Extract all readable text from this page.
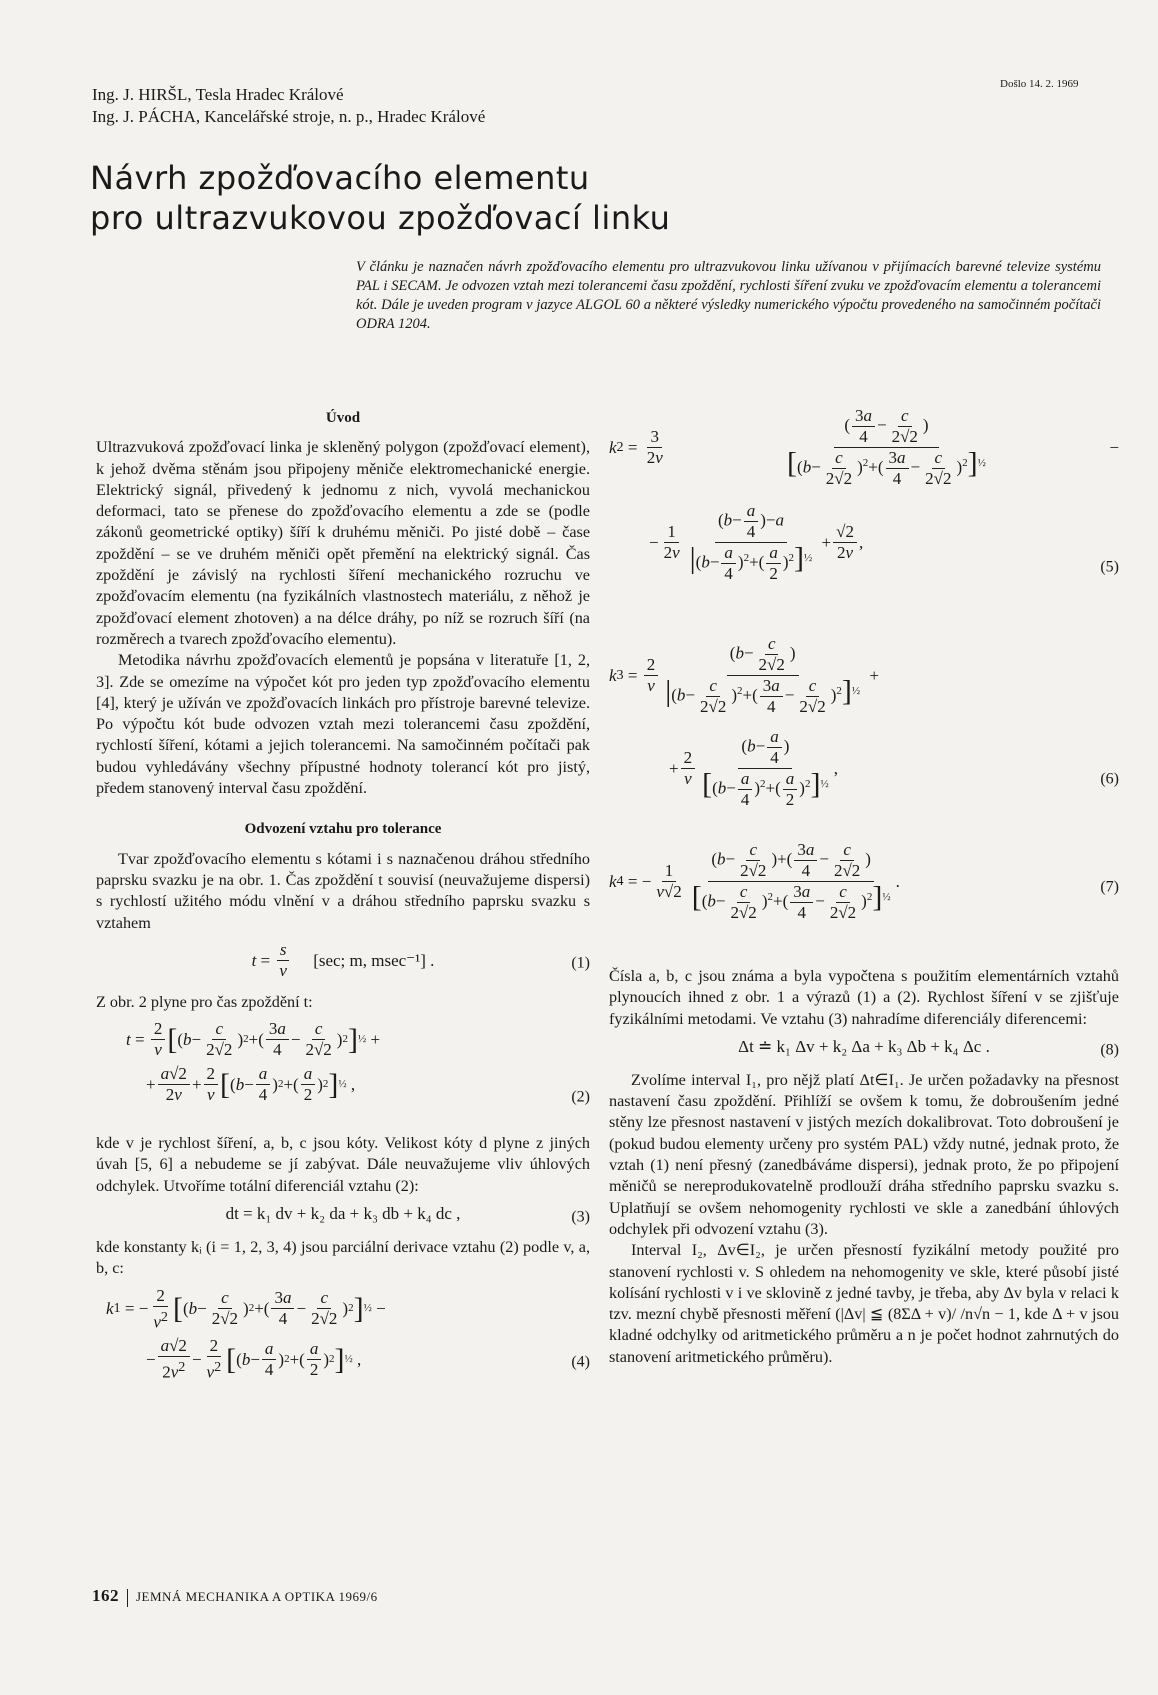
Ing. J. HIRŠL, Tesla Hradec Králové
Ing. J. PÁCHA, Kancelářské stroje, n. p., Hradec Králové
Došlo 14. 2. 1969
Návrh zpožďovacího elementu
pro ultrazvukovou zpožďovací linku

V článku je naznačen návrh zpožďovacího elementu pro ultrazvukovou linku užívanou v přijímacích barevné televize systému PAL i SECAM. Je odvozen vztah mezi tolerancemi času zpoždění, rychlosti šíření zvuku ve zpožďovacím elementu a tolerancemi kót. Dále je uveden program v jazyce ALGOL 60 a některé výsledky numerického výpočtu provedeného na samočinném počítači ODRA 1204.

Úvod

Ultrazvuková zpožďovací linka je skleněný polygon (zpožďovací element), k jehož dvěma stěnám jsou připojeny měniče elektromechanické energie. Elektrický signál, přivedený k jednomu z nich, vyvolá mechanickou deformaci, tato se přenese do zpožďovacího elementu a zde se (podle zákonů geometrické optiky) šíří k druhému měniči. Po jisté době – čase zpoždění – se ve druhém měniči opět přemění na elektrický signál. Čas zpoždění je závislý na rychlosti šíření mechanického rozruchu ve zpožďovacím elementu (na fyzikálních vlastnostech materiálu, z něhož je zpožďovací element zhotoven) a na délce dráhy, po níž se rozruch šíří (na rozměrech a tvarech zpožďovacího elementu).

Metodika návrhu zpožďovacích elementů je popsána v literatuře [1, 2, 3]. Zde se omezíme na výpočet kót pro jeden typ zpožďovacího elementu [4], který je užíván ve zpožďovacích linkách pro přístroje barevné televize. Po výpočtu kót bude odvozen vztah mezi tolerancemi času zpoždění, rychlostí šíření, kótami a jejich tolerancemi. Na samočinném počítači pak budou vyhledávány všechny přípustné hodnoty tolerancí kót pro jistý, předem stanovený interval času zpoždění.

Odvození vztahu pro tolerance

Tvar zpožďovacího elementu s kótami i s naznačenou dráhou středního paprsku svazku je na obr. 1. Čas zpoždění t souvisí (neuvažujeme dispersi) s rychlostí užitého módu vlnění v a dráhou středního paprsku svazku s vztahem

$t = \frac{s}{v}$
[sec; m, msec⁻¹] .	(1)

Z obr. 2 plyne pro čas zpoždění t:

$t = \frac{2}{v}$ [ ( $b - \frac{c}{2√2}$ ) 2 +( $\frac{3a}{4} - \frac{c}{2√2}$ ) 2 ] ½ +
+ $\frac{a√2}{2v} + \frac{2}{v}$ [ ( $b - \frac{a}{4}$ ) 2 +( $\frac{a}{2}$ ) 2 ] ½ ,
(2)

kde v je rychlost šíření, a, b, c jsou kóty. Velikost kóty d plyne z jiných úvah [5, 6] a nebudeme se jí zabývat. Dále neuvažujeme vliv úhlových odchylek. Utvoříme totální diferenciál vztahu (2):

dt = k₁ dv + k₂ da + k₃ db + k₄ dc ,	(3)

kde konstanty kᵢ (i = 1, 2, 3, 4) jsou parciální derivace vztahu (2) podle v, a, b, c:

k 1 = − $\frac{2}{v^2}$ [ ( $b - \frac{c}{2√2}$ ) 2 +( $\frac{3a}{4} - \frac{c}{2√2}$ ) 2 ] ½ −
− $\frac{a√2}{2v^2} - \frac{2}{v^2}$ [ ( $b - \frac{a}{4}$ ) 2 +( $\frac{a}{2}$ ) 2 ] ½ ,	(4)
k $2 = \frac{3}{2v} \frac{( \frac{3a}{4} - \frac{c}{2√2} )}{[(b- \frac{c}{2√2} )^2+( \frac{3a}{4} - \frac{c}{2√2} )^2]^{\frac{1}{2}}}$ −
− $\frac{1}{2v} \frac{(b- \frac{a}{4} )-a}{|(b- \frac{a}{4} )^2+( \frac{a}{2} )^2]^{\frac{1}{2}}} + \frac{√2}{2v}$ ,
(5)
k $3 = \frac{2}{v} \frac{(b- \frac{c}{2√2} )}{|(b- \frac{c}{2√2} )^2+( \frac{3a}{4} - \frac{c}{2√2} )^2]^{\frac{1}{2}}}$ +
+ $\frac{2}{v} \frac{(b- \frac{a}{4} )}{[(b- \frac{a}{4} )^2+( \frac{a}{2} )^2]^{\frac{1}{2}}}$ ,
(6)
k 4 = − $\frac{1}{v√2} \frac{(b- \frac{c}{2√2} )+( \frac{3a}{4} - \frac{c}{2√2} )}{[(b- \frac{c}{2√2} )^2+( \frac{3a}{4} - \frac{c}{2√2} )^2]^{\frac{1}{2}}}$ .	(7)

Čísla a, b, c jsou známa a byla vypočtena s použitím elementárních vztahů plynoucích ihned z obr. 1 a výrazů (1) a (2). Rychlost šíření v se zjišťuje fyzikálními metodami. Ve vztahu (3) nahradíme diferenciály diferencemi:

Δt ≐ k₁ Δv + k₂ Δa + k₃ Δb + k₄ Δc .	(8)

Zvolíme interval I₁, pro nějž platí Δt∈I₁. Je určen požadavky na přesnost nastavení času zpoždění. Přihlíží se ovšem k tomu, že dobroušením jedné stěny lze přesnost nastavení v jistých mezích dokalibrovat. Toto dobroušení je (pokud budou elementy určeny pro systém PAL) vždy nutné, jednak proto, že vztah (1) není přesný (zanedbáváme dispersi), jednak proto, že po připojení měničů se nereprodukovatelně prodlouží dráha středního paprsku svazku s. Uplatňují se ovšem nehomogenity rychlosti ve skle a zanedbání úhlových odchylek při odvození vztahu (3).

Interval I₂, Δv∈I₂, je určen přesností fyzikální metody použité pro stanovení rychlosti v. S ohledem na nehomogenity ve skle, které působí jisté kolísání rychlosti v i ve sklovině z jedné tavby, je třeba, aby Δv byla v relaci k tzv. mezní chybě přesnosti měření (|Δv| ≦ (8ΣΔ + v)/ /n√n − 1, kde Δ + v jsou kladné odchylky od aritmetického průměru a n je počet hodnot zahrnutých do stanovení aritmetického průměru).

162 JEMNÁ MECHANIKA A OPTIKA 1969/6
